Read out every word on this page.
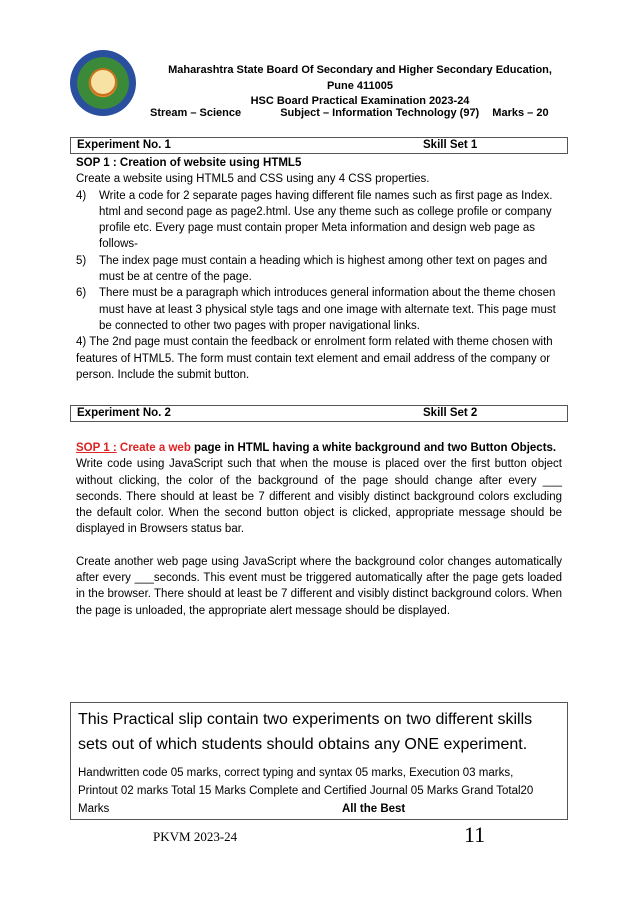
Maharashtra State Board Of Secondary and Higher Secondary Education,
Pune 411005
HSC Board Practical Examination 2023-24
Stream – Science	Subject – Information Technology (97) Marks – 20
Experiment No. 1	Skill Set 1
SOP 1 : Creation of website using HTML5
Create a website using HTML5 and CSS using any 4 CSS properties.
4) Write a code for 2 separate pages having different file names such as first page as Index. html and second page as page2.html. Use any theme such as college profile or company profile etc. Every page must contain proper Meta information and design web page as follows-
5) The index page must contain a heading which is highest among other text on pages and must be at centre of the page.
6) There must be a paragraph which introduces general information about the theme chosen must have at least 3 physical style tags and one image with alternate text. This page must be connected to other two pages with proper navigational links.
4) The 2nd page must contain the feedback or enrolment form related with theme chosen with features of HTML5. The form must contain text element and email address of the company or person. Include the submit button.
Experiment No. 2	Skill Set 2
SOP 1 : Create a web page in HTML having a white background and two Button Objects.
Write code using JavaScript such that when the mouse is placed over the first button object without clicking, the color of the background of the page should change after every ___ seconds. There should at least be 7 different and visibly distinct background colors excluding the default color. When the second button object is clicked, appropriate message should be displayed in Browsers status bar.
Create another web page using JavaScript where the background color changes automatically after every ___seconds. This event must be triggered automatically after the page gets loaded in the browser. There should at least be 7 different and visibly distinct background colors. When the page is unloaded, the appropriate alert message should be displayed.
This Practical slip contain two experiments on two different skills sets out of which students should obtains any ONE experiment.
Handwritten code 05 marks, correct typing and syntax 05 marks, Execution 03 marks,
Printout 02 marks Total 15 Marks Complete and Certified Journal 05 Marks Grand Total20
Marks	All the Best
PKVM 2023-24	11
